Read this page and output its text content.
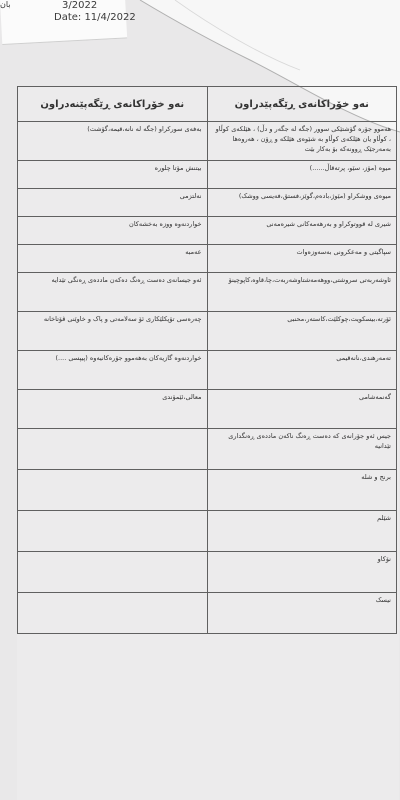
بان	3/2022
Date: 11/4/2022
نەو خۆراکانەی ڕێگەپێدراون	نەو خۆراکانەی ڕێگەپێنەدراون
هەموو جۆرە گۆشتێکی سوور (جگە لە جگەر و دڵ) ، هێلکەی کوڵاو ، کوڵاو یان هێلکەی کوڵاو بە شێوەی هێلکە و ڕۆن ، هەروەها بەمەرجێک ڕوونەکە بۆ بەکار بێت	بەفەی سورکراو (جگە لە نانە،قیمە،گۆشت)
میوە (مۆز، سێو، پرتەقاڵ......)	بیتنش مۆتا چلورە
میوەی ووشکراو (مێوژ،بادەم،گوێز،فستق،فەیسی ووشک)	نەلتزمی
شیری لە قووتوکراو و بەرهەمەکانی شیرەمەنی	خواردنەوە ووزە بەخشەکان
سپاگیتی و مەعکرونی بەسەوزەوات	عەمبە
ئاوشەربەتی سروشتی،ووهەمەشتاوشەربەت،چا،قاوە،کاپوچینۆ	ئەو جیسانەی دەست ڕەنگ دەکەن ماددەی ڕەنگی تێدایە
ئۆرتە،بیسکویت،چوکلێت،کاستەر،محنبی	چەرەسی تۆپکلێکاری ئۆ سەلامەتی و پاک و خاوێنی ڤۆتاخانە
تەمەرهندی،نانەقیمی	خواردنەوە گازیەکان بەهەموو جۆرەکانیەوە (پیپسی ....)
گەنمەشامی	معالی،ئێمۆندی
جیس ئەو جۆرانەی کە دەست ڕەنگ ناکەن ماددەی ڕەنگداری تێدانیە	
برنج و شلە	
شێلم	
نۆکاو	
نیسک	
